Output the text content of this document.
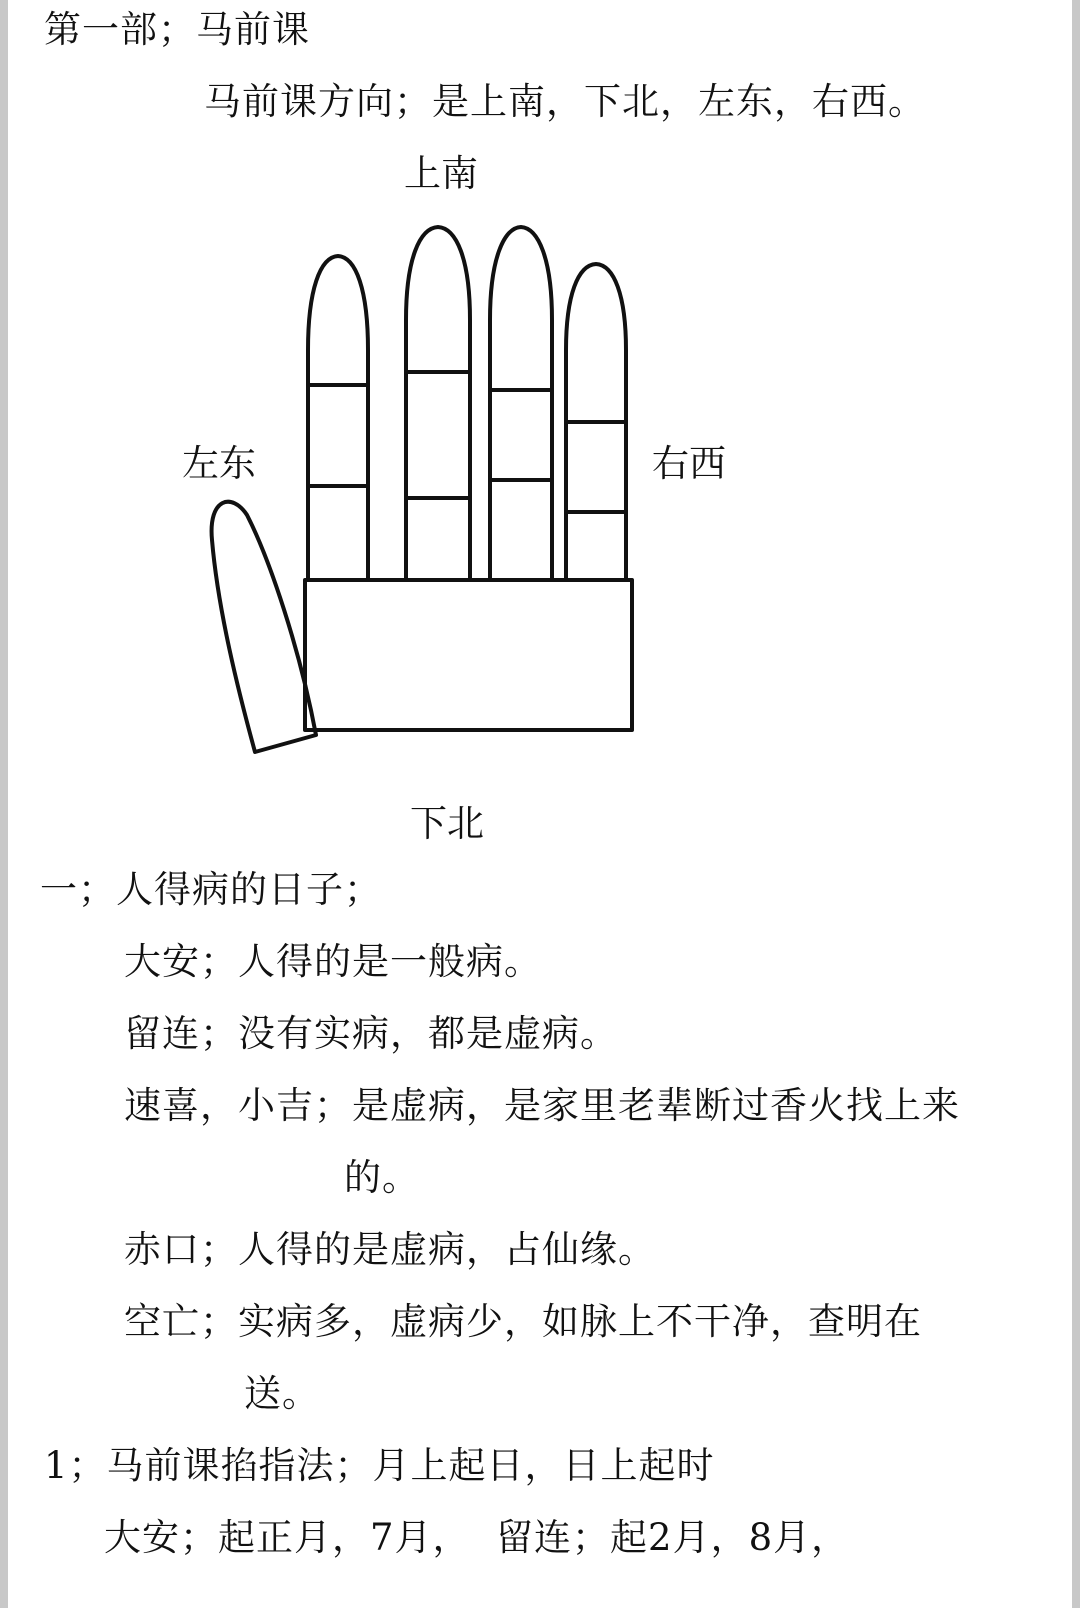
第一部；马前课
马前课方向；是上南，下北，左东，右西。
上南
左东	右西
下北
一；人得病的日子；
大安；人得的是一般病。
留连；没有实病，都是虚病。
速喜，小吉；是虚病，是家里老辈断过香火找上来
的。
赤口；人得的是虚病，占仙缘。
空亡；实病多，虚病少，如脉上不干净，查明在
送。
1；马前课掐指法；月上起日，日上起时
大安；起正月，7月，  留连；起2月，8月，
